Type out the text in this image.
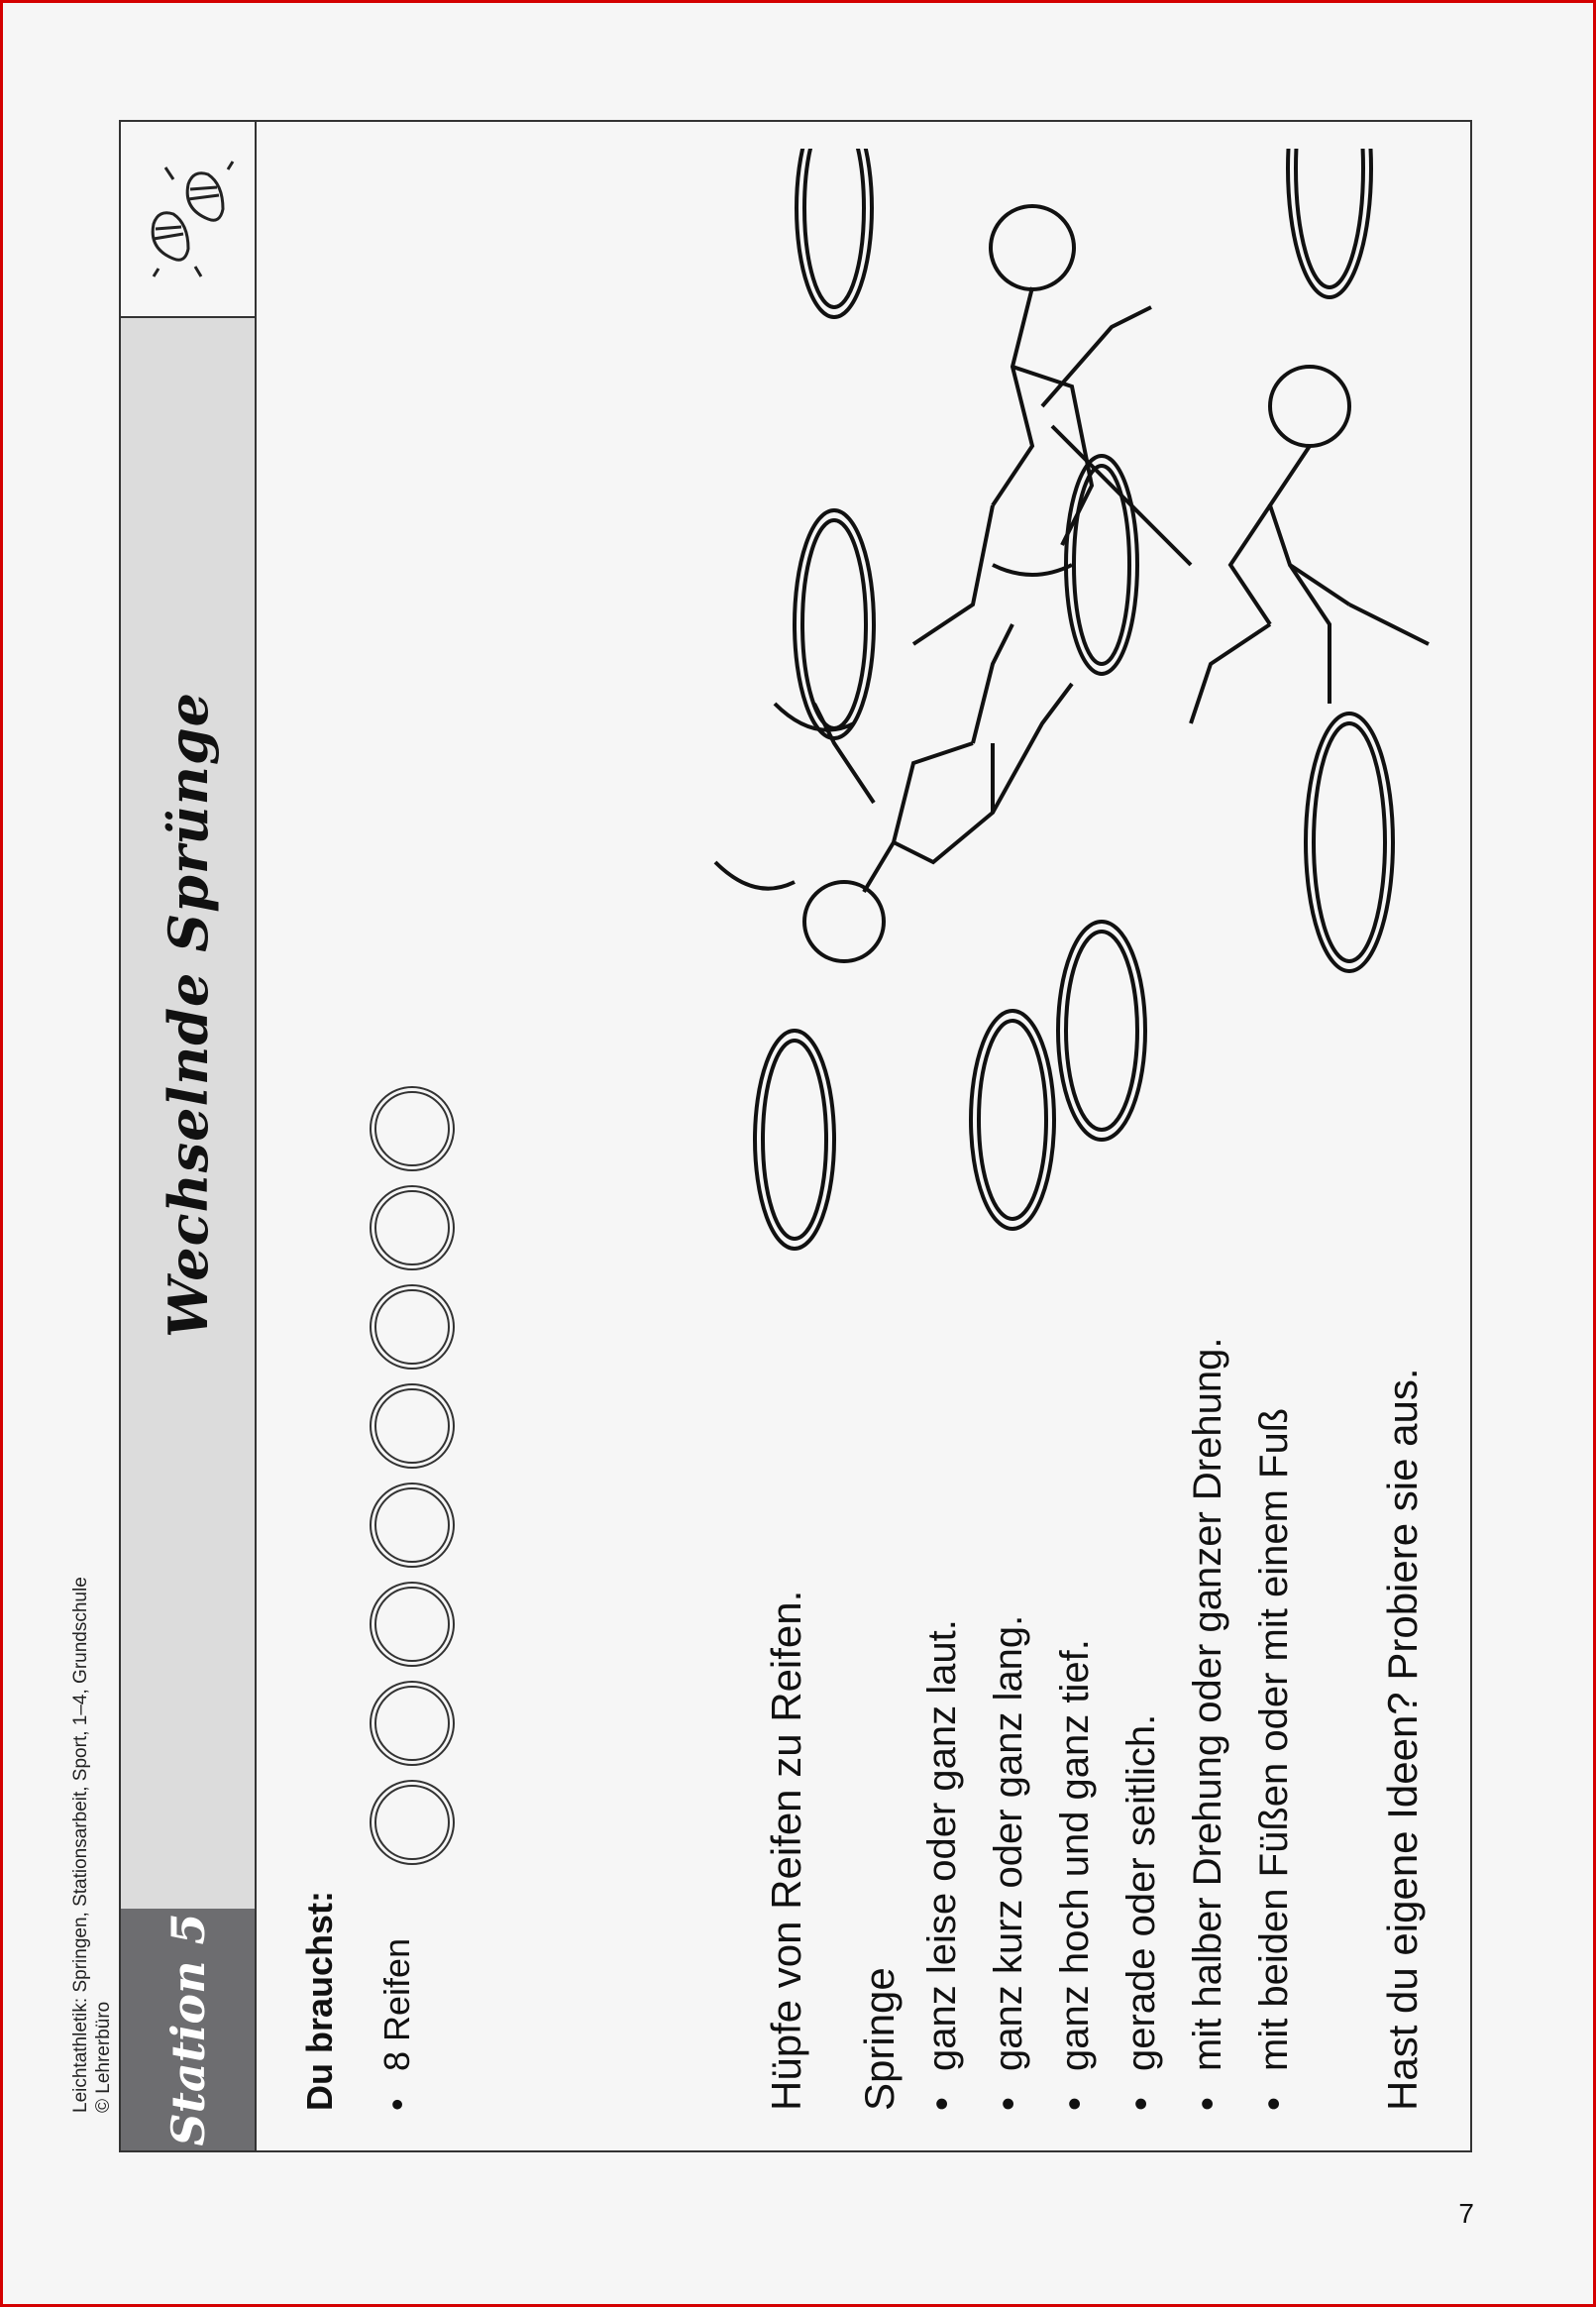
Leichtathletik: Springen, Stationsarbeit, Sport, 1–4, Grundschule © Lehrerbüro	Station 5
Wechselnde Sprünge
Du brauchst: •8 Reifen	Hüpfe von Reifen zu Reifen. Springe •ganz leise oder ganz laut.
•ganz kurz oder ganz lang.
•ganz hoch und ganz tief.
•gerade oder seitlich.
•mit halber Drehung oder ganzer Drehung.
•mit beiden Füßen oder mit einem Fuß	Hast du eigene Ideen? Probiere sie aus.
7
